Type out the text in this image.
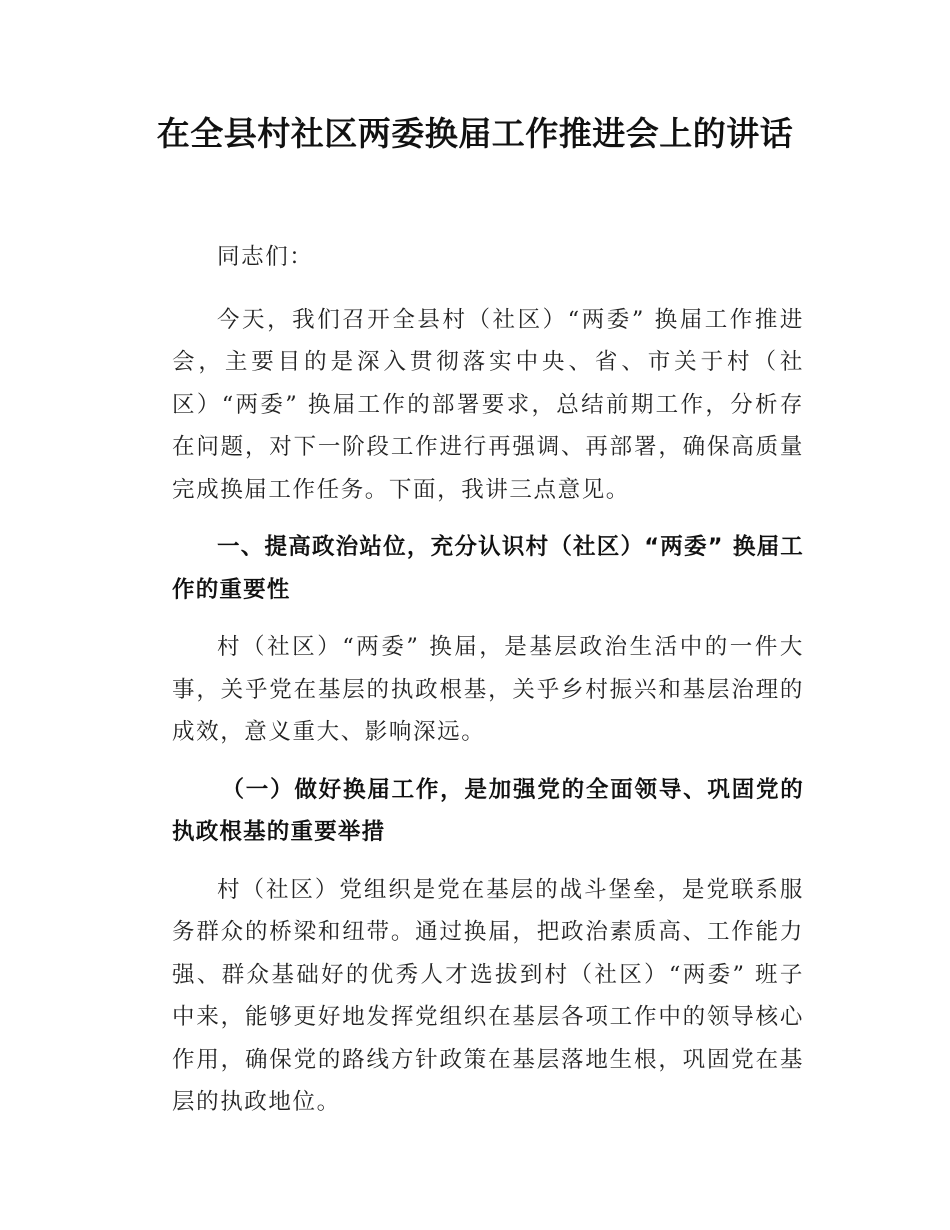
在全县村社区两委换届工作推进会上的讲话

同志们：

今天，我们召开全县村（社区）“两委” 换届工作推进会，主要目的是深入贯彻落实中央、省、市关于村（社区）“两委” 换届工作的部署要求，总结前期工作，分析存在问题，对下一阶段工作进行再强调、再部署，确保高质量完成换届工作任务。下面，我讲三点意见。

一、提高政治站位，充分认识村（社区）“两委” 换届工作的重要性

村（社区）“两委” 换届，是基层政治生活中的一件大事，关乎党在基层的执政根基，关乎乡村振兴和基层治理的成效，意义重大、影响深远。

（一）做好换届工作，是加强党的全面领导、巩固党的执政根基的重要举措

村（社区）党组织是党在基层的战斗堡垒，是党联系服务群众的桥梁和纽带。通过换届，把政治素质高、工作能力强、群众基础好的优秀人才选拔到村（社区）“两委” 班子中来，能够更好地发挥党组织在基层各项工作中的领导核心作用，确保党的路线方针政策在基层落地生根，巩固党在基层的执政地位。
